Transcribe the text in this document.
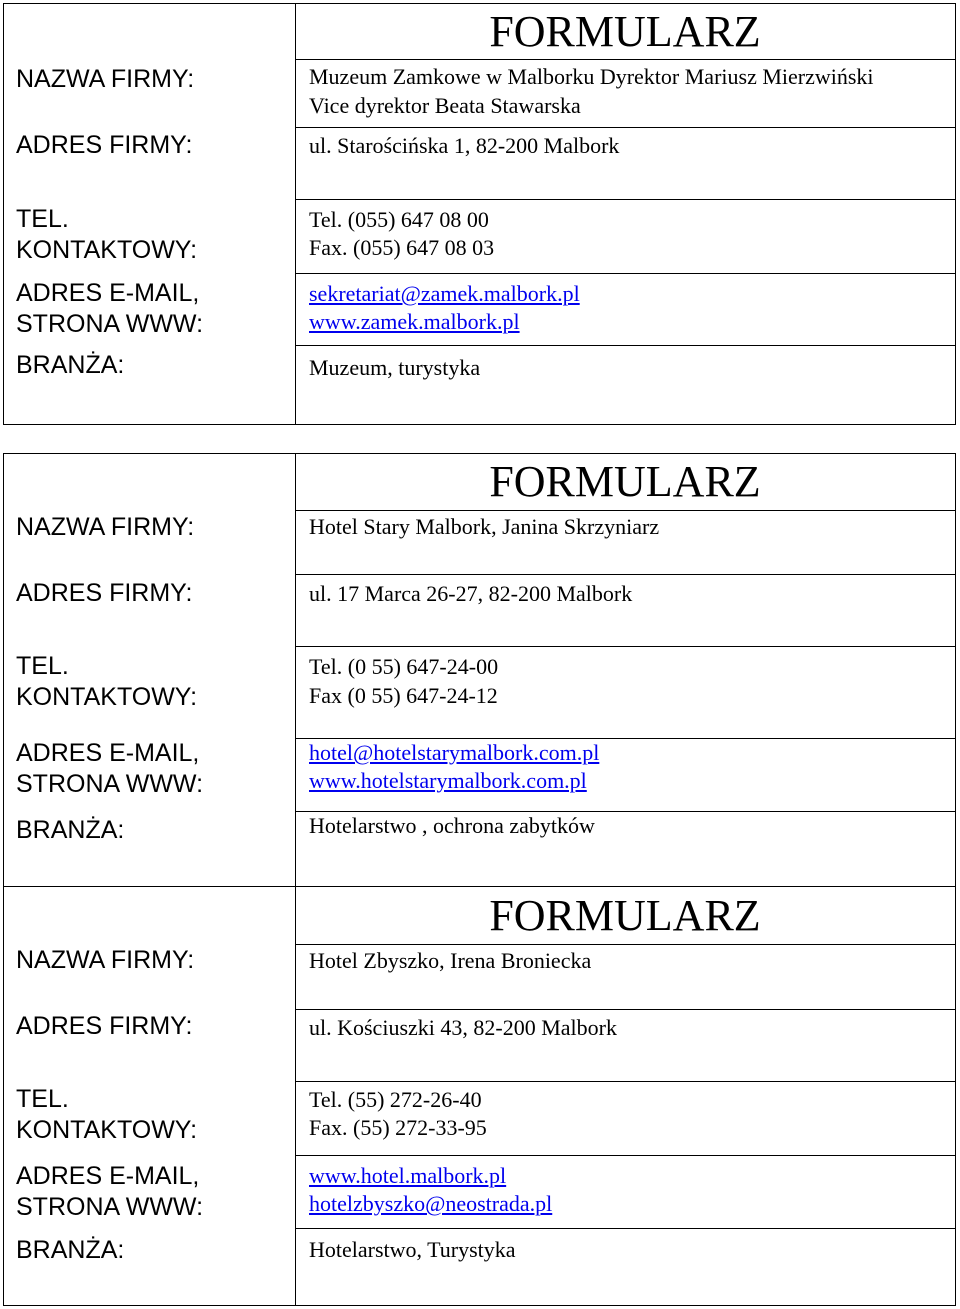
NAZWA FIRMY:
ADRES FIRMY:
TEL.
KONTAKTOWY:
ADRES E-MAIL,
STRONA WWW:
BRANŻA:
FORMULARZ
Muzeum Zamkowe w Malborku Dyrektor Mariusz Mierzwiński
Vice dyrektor Beata Stawarska
ul. Starościńska 1, 82-200 Malbork
Tel. (055) 647 08 00
Fax. (055) 647 08 03
sekretariat@zamek.malbork.pl
www.zamek.malbork.pl
Muzeum, turystyka
NAZWA FIRMY:
ADRES FIRMY:
TEL.
KONTAKTOWY:
ADRES E-MAIL,
STRONA WWW:
BRANŻA:
FORMULARZ
Hotel Stary Malbork, Janina Skrzyniarz
ul. 17 Marca 26-27, 82-200 Malbork
Tel. (0 55) 647-24-00
Fax (0 55) 647-24-12
hotel@hotelstarymalbork.com.pl
www.hotelstarymalbork.com.pl
Hotelarstwo , ochrona zabytków
NAZWA FIRMY:
ADRES FIRMY:
TEL.
KONTAKTOWY:
ADRES E-MAIL,
STRONA WWW:
BRANŻA:
FORMULARZ
Hotel Zbyszko, Irena Broniecka
ul. Kościuszki 43, 82-200 Malbork
Tel. (55) 272-26-40
Fax. (55) 272-33-95
www.hotel.malbork.pl
hotelzbyszko@neostrada.pl
Hotelarstwo, Turystyka
